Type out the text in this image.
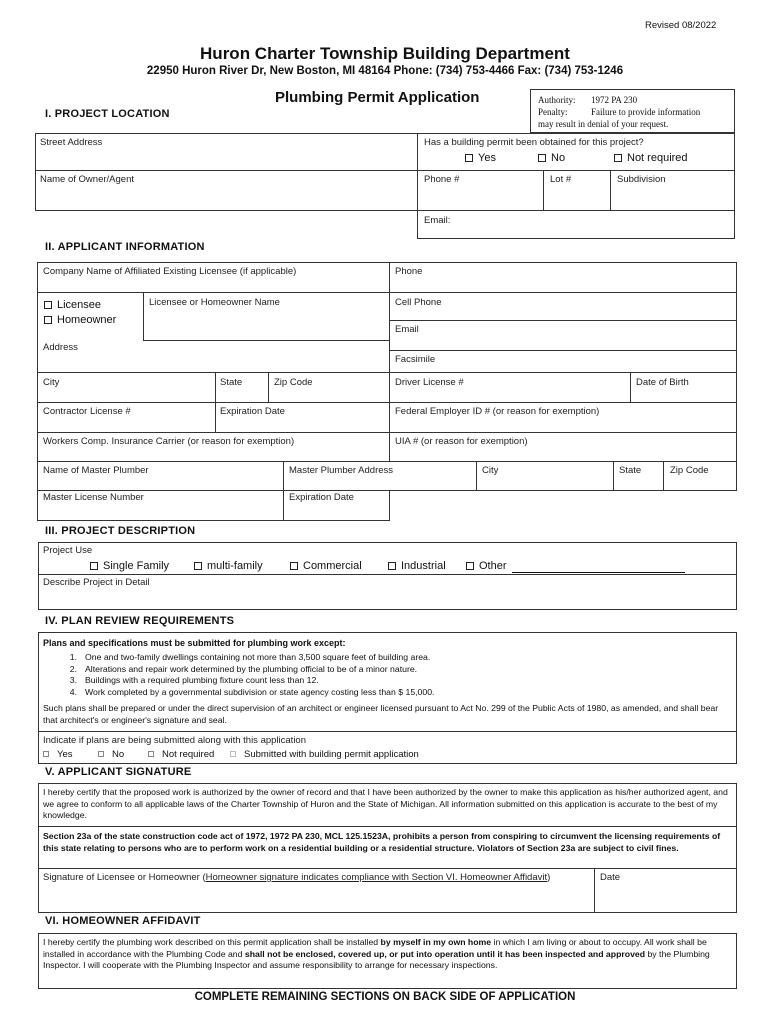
Revised 08/2022
Huron Charter Township Building Department
22950 Huron River Dr, New Boston, MI 48164 Phone: (734) 753-4466 Fax: (734) 753-1246
Plumbing Permit Application	Authority: 1972 PA 230
Penalty:	Failure to provide information
may result in denial of your request.
I. PROJECT LOCATION
Street Address	Has a building permit been obtained for this project?
Yes	No	Not required
Name of Owner/Agent	Phone #	Lot #	Subdivision
Email:
II. APPLICANT INFORMATION
Company Name of Affiliated Existing Licensee (if applicable)	Phone
Licensee
Homeowner
Licensee or Homeowner Name	Cell Phone
Email
Address
Facsimile
City	State	Zip Code	Driver License #	Date of Birth
Contractor License #	Expiration Date	Federal Employer ID # (or reason for exemption)
Workers Comp. Insurance Carrier (or reason for exemption)	UIA # (or reason for exemption)
Name of Master Plumber	Master Plumber Address	City	State	Zip Code
Master License Number	Expiration Date
III. PROJECT DESCRIPTION
Project Use
Single Family	multi-family	Commercial	Industrial	Other
Describe Project in Detail
IV. PLAN REVIEW REQUIREMENTS
Plans and specifications must be submitted for plumbing work except:
1. One and two-family dwellings containing not more than 3,500 square feet of building area.
2. Alterations and repair work determined by the plumbing official to be of a minor nature.
3. Buildings with a required plumbing fixture count less than 12.
4. Work completed by a governmental subdivision or state agency costing less than $ 15,000.
Such plans shall be prepared or under the direct supervision of an architect or engineer licensed pursuant to Act No. 299 of the Public Acts of 1980, as amended, and shall bear that architect's or engineer's signature and seal.
Indicate if plans are being submitted along with this application
Yes	No	Not required	Submitted with building permit application
V. APPLICANT SIGNATURE
I hereby certify that the proposed work is authorized by the owner of record and that I have been authorized by the owner to make this application as his/her authorized agent, and we agree to conform to all applicable laws of the Charter Township of Huron and the State of Michigan. All information submitted on this application is accurate to the best of my knowledge.
Section 23a of the state construction code act of 1972, 1972 PA 230, MCL 125.1523A, prohibits a person from conspiring to circumvent the licensing requirements of this state relating to persons who are to perform work on a residential building or a residential structure. Violators of Section 23a are subject to civil fines.
Signature of Licensee or Homeowner (Homeowner signature indicates compliance with Section VI. Homeowner Affidavit)	Date
VI. HOMEOWNER AFFIDAVIT
I hereby certify the plumbing work described on this permit application shall be installed by myself in my own home in which I am living or about to occupy. All work shall be installed in accordance with the Plumbing Code and shall not be enclosed, covered up, or put into operation until it has been inspected and approved by the Plumbing Inspector. I will cooperate with the Plumbing Inspector and assume responsibility to arrange for necessary inspections.
COMPLETE REMAINING SECTIONS ON BACK SIDE OF APPLICATION
